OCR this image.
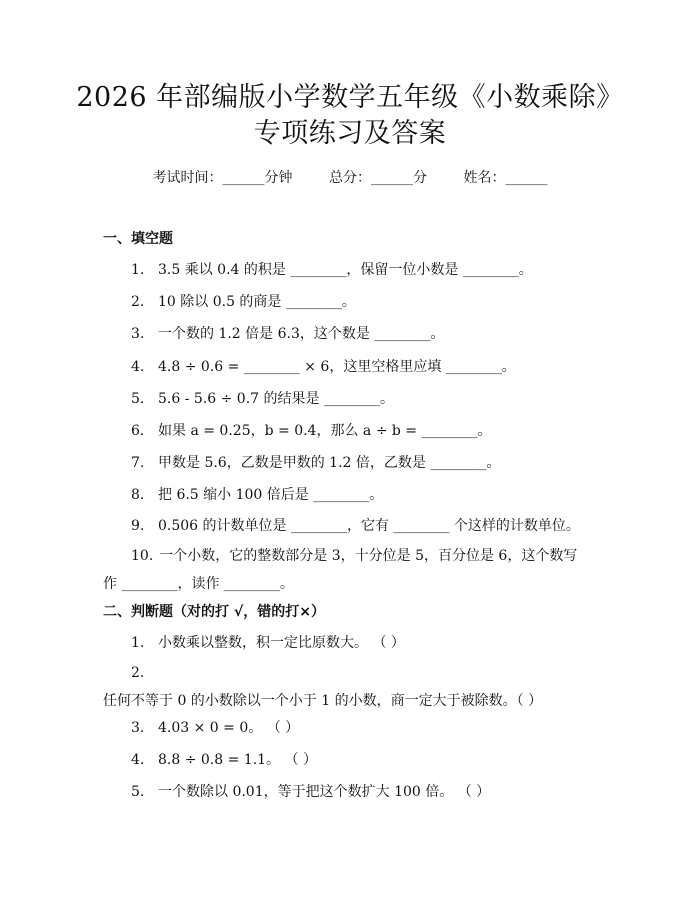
2026 年部编版小学数学五年级《小数乘除》
专项练习及答案
考试时间：______分钟	总分：______分	姓名：______
一、填空题
1. 3.5 乘以 0.4 的积是 ________，保留一位小数是 ________。
2. 10 除以 0.5 的商是 ________。
3. 一个数的 1.2 倍是 6.3，这个数是 ________。
4. 4.8 ÷ 0.6 = ________ × 6，这里空格里应填 ________。
5. 5.6 - 5.6 ÷ 0.7 的结果是 ________。
6. 如果 a = 0.25，b = 0.4，那么 a ÷ b = ________。
7. 甲数是 5.6，乙数是甲数的 1.2 倍，乙数是 ________。
8. 把 6.5 缩小 100 倍后是 ________。
9. 0.506 的计数单位是 ________，它有 ________ 个这样的计数单位。
10. 一个小数，它的整数部分是 3，十分位是 5，百分位是 6，这个数写作 ________，读作 ________。
二、判断题（对的打 √，错的打×）
1. 小数乘以整数，积一定比原数大。 （ ）
2.任何不等于 0 的小数除以一个小于 1 的小数，商一定大于被除数。（ ）
3. 4.03 × 0 = 0。 （ ）
4. 8.8 ÷ 0.8 = 1.1。 （ ）
5. 一个数除以 0.01，等于把这个数扩大 100 倍。 （ ）
